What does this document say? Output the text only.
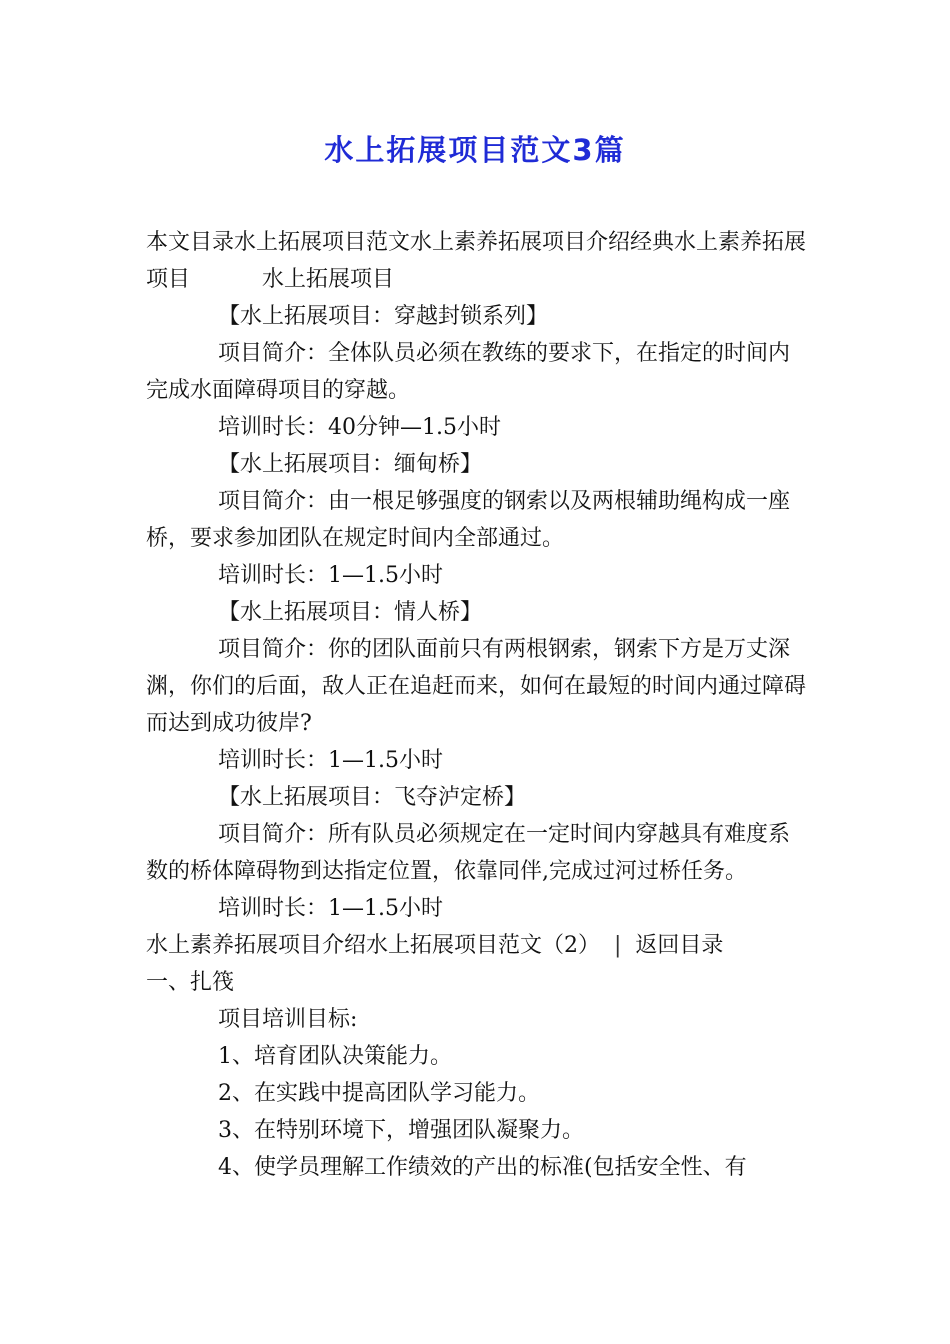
水上拓展项目范文3篇

本文目录水上拓展项目范文水上素养拓展项目介绍经典水上素养拓展项目	水上拓展项目

【水上拓展项目：穿越封锁系列】

项目简介：全体队员必须在教练的要求下，在指定的时间内完成水面障碍项目的穿越。

培训时长：40分钟—1.5小时

【水上拓展项目：缅甸桥】

项目简介：由一根足够强度的钢索以及两根辅助绳构成一座桥，要求参加团队在规定时间内全部通过。

培训时长：1—1.5小时

【水上拓展项目：情人桥】

项目简介：你的团队面前只有两根钢索，钢索下方是万丈深渊，你们的后面，敌人正在追赶而来，如何在最短的时间内通过障碍而达到成功彼岸?

培训时长：1—1.5小时

【水上拓展项目：飞夺泸定桥】

项目简介：所有队员必须规定在一定时间内穿越具有难度系数的桥体障碍物到达指定位置，依靠同伴,完成过河过桥任务。

培训时长：1—1.5小时

水上素养拓展项目介绍水上拓展项目范文（2） | 返回目录

一、扎筏

项目培训目标:

1、培育团队决策能力。

2、在实践中提高团队学习能力。

3、在特别环境下，增强团队凝聚力。

4、使学员理解工作绩效的产出的标准(包括安全性、有
